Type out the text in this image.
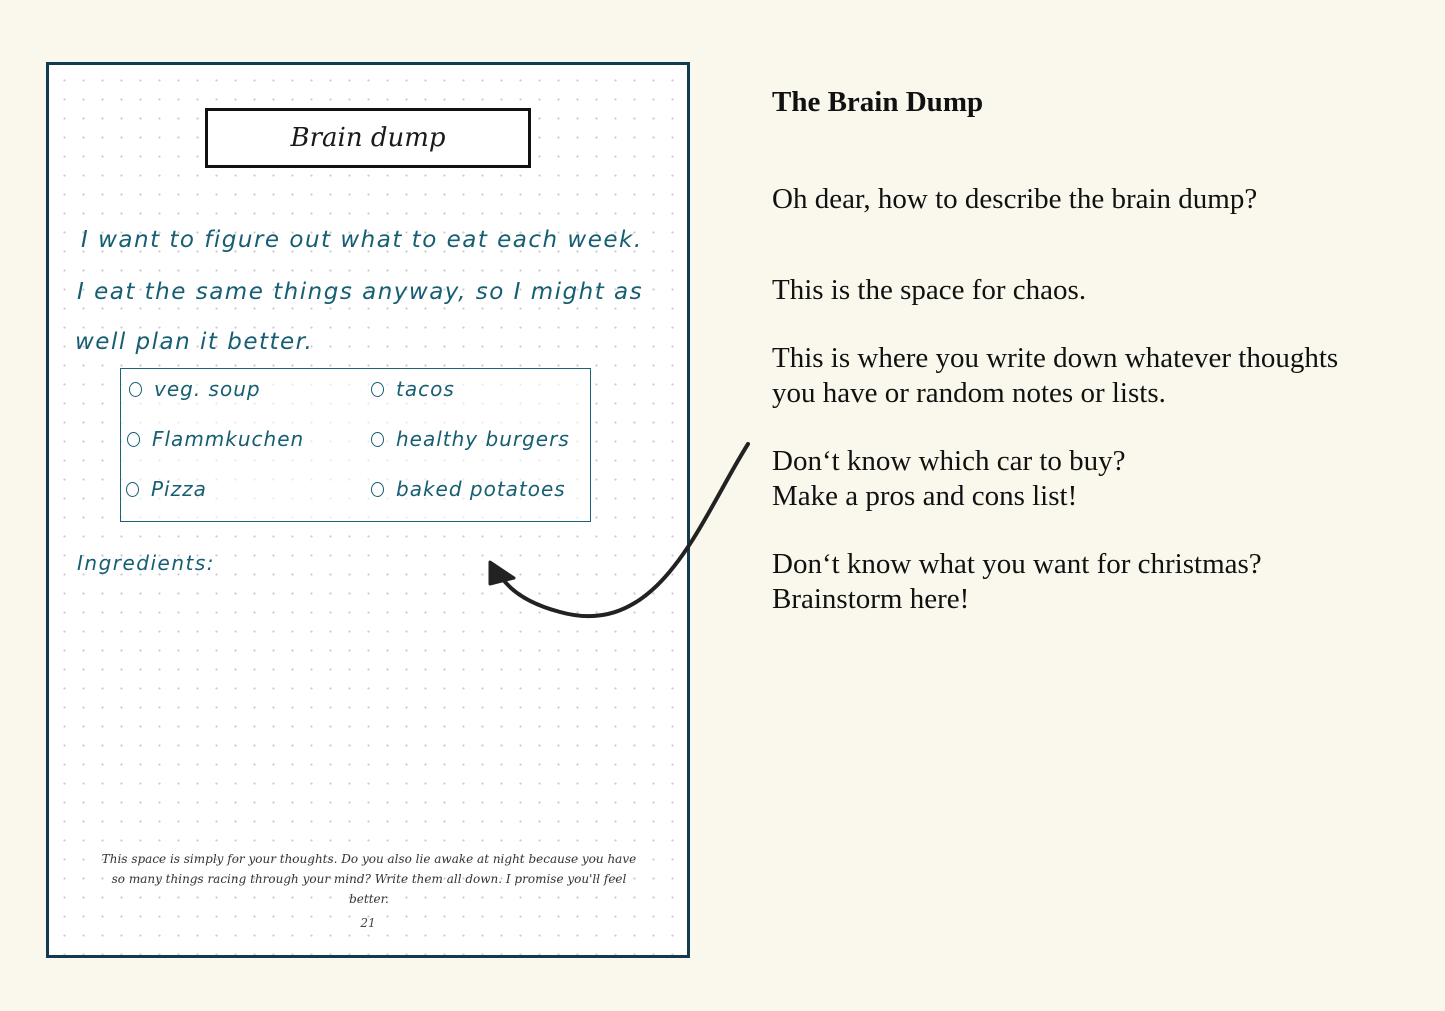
Brain dump
I want to figure out what to eat each week.
I eat the same things anyway, so I might as
well plan it better.
veg. soup
Flammkuchen
Pizza
tacos
healthy burgers
baked potatoes
Ingredients:
This space is simply for your thoughts. Do you also lie awake at night because you have so many things racing through your mind? Write them all down. I promise you'll feel better.
21
The Brain Dump

Oh dear, how to describe the brain dump?

This is the space for chaos.

This is where you write down whatever thoughts you have or random notes or lists.

Don‘t know which car to buy?

Make a pros and cons list!

Don‘t know what you want for christmas?

Brainstorm here!
